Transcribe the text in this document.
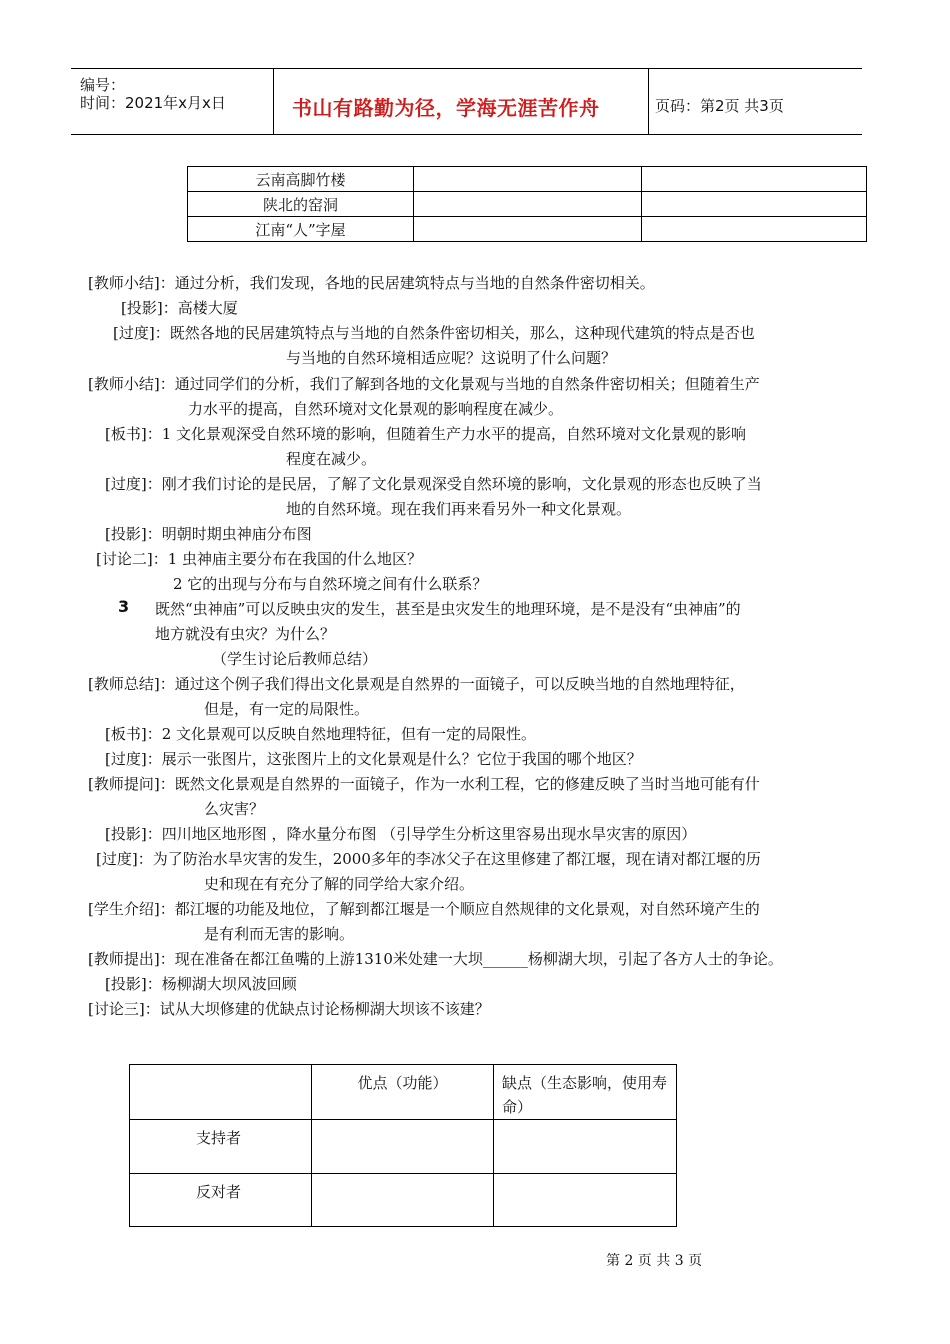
编号：
时间：2021年x月x日	书山有路勤为径，学海无涯苦作舟	页码：第2页 共3页
云南高脚竹楼		
陕北的窑洞		
江南“人”字屋		
[教师小结]：通过分析，我们发现，各地的民居建筑特点与当地的自然条件密切相关。
[投影]：高楼大厦
[过度]：既然各地的民居建筑特点与当地的自然条件密切相关，那么，这种现代建筑的特点是否也
与当地的自然环境相适应呢？这说明了什么问题？
[教师小结]：通过同学们的分析，我们了解到各地的文化景观与当地的自然条件密切相关；但随着生产
力水平的提高，自然环境对文化景观的影响程度在减少。
[板书]：1 文化景观深受自然环境的影响，但随着生产力水平的提高，自然环境对文化景观的影响
程度在减少。
[过度]：刚才我们讨论的是民居，了解了文化景观深受自然环境的影响，文化景观的形态也反映了当
地的自然环境。现在我们再来看另外一种文化景观。
[投影]：明朝时期虫神庙分布图
[讨论二]：1 虫神庙主要分布在我国的什么地区？
2 它的出现与分布与自然环境之间有什么联系？
3 既然“虫神庙”可以反映虫灾的发生，甚至是虫灾发生的地理环境，是不是没有“虫神庙”的
地方就没有虫灾？为什么？
（学生讨论后教师总结）
[教师总结]：通过这个例子我们得出文化景观是自然界的一面镜子，可以反映当地的自然地理特征，
但是，有一定的局限性。
[板书]：2 文化景观可以反映自然地理特征，但有一定的局限性。
[过度]：展示一张图片，这张图片上的文化景观是什么？它位于我国的哪个地区？
[教师提问]：既然文化景观是自然界的一面镜子，作为一水利工程，它的修建反映了当时当地可能有什
么灾害？
[投影]：四川地区地形图 ，降水量分布图 （引导学生分析这里容易出现水旱灾害的原因）
[过度]：为了防治水旱灾害的发生，2000多年的李冰父子在这里修建了都江堰，现在请对都江堰的历
史和现在有充分了解的同学给大家介绍。
[学生介绍]：都江堰的功能及地位，了解到都江堰是一个顺应自然规律的文化景观，对自然环境产生的
是有利而无害的影响。
[教师提出]：现在准备在都江鱼嘴的上游1310米处建一大坝______杨柳湖大坝，引起了各方人士的争论。
[投影]：杨柳湖大坝风波回顾
[讨论三]：试从大坝修建的优缺点讨论杨柳湖大坝该不该建？

	优点（功能）	缺点（生态影响，使用寿命）

支持者		

反对者		

第 2 页 共 3 页
